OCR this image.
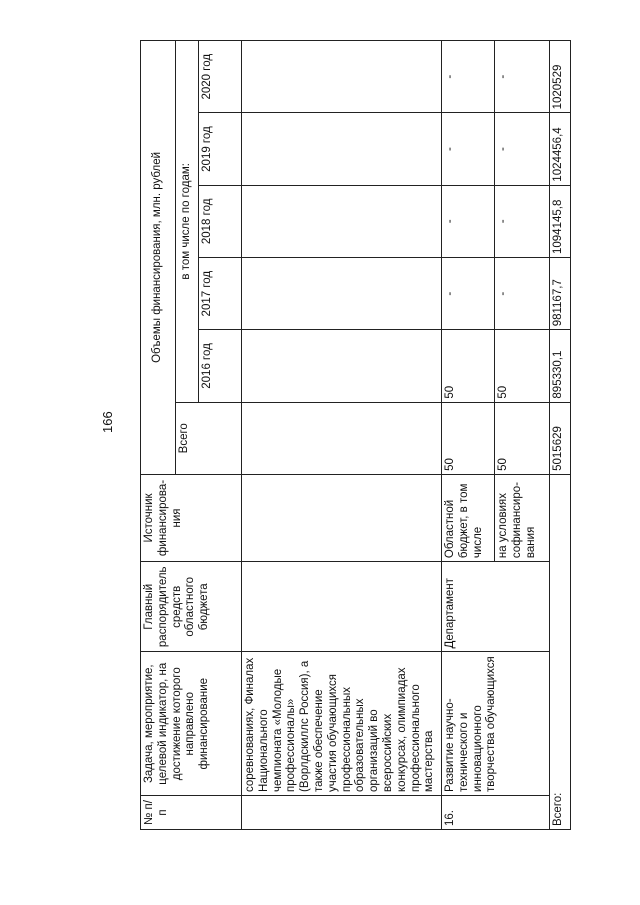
166
№ п/п	Задача, мероприятие, целевой индикатор, на достижение которого направлено финансирование	Главный распорядитель средств областного бюджета	Источник финансирова-ния	Объемы финансирования, млн. рублей					
				Всего	в том числе по годам:				
					2016 год	2017 год	2018 год	2019 год	2020 год
	соревнованиях, Финалах Национального чемпионата «Молодые профессионалы» (Ворлдскиллс Россия), а также обеспечение участия обучающихся профессиональных образовательных организаций во всероссийских конкурсах, олимпиадах профессионального мастерства								
16.	Развитие научно-технического и инновационного творчества обучающихся	Департамент	Областной бюджет, в том числе	50	50	-	-	-	-
			на условиях софинансиро-вания	50	50	-	-	-	-
Всего:				5015629	895330,1	981167,7	1094145,8	1024456,4	1020529
